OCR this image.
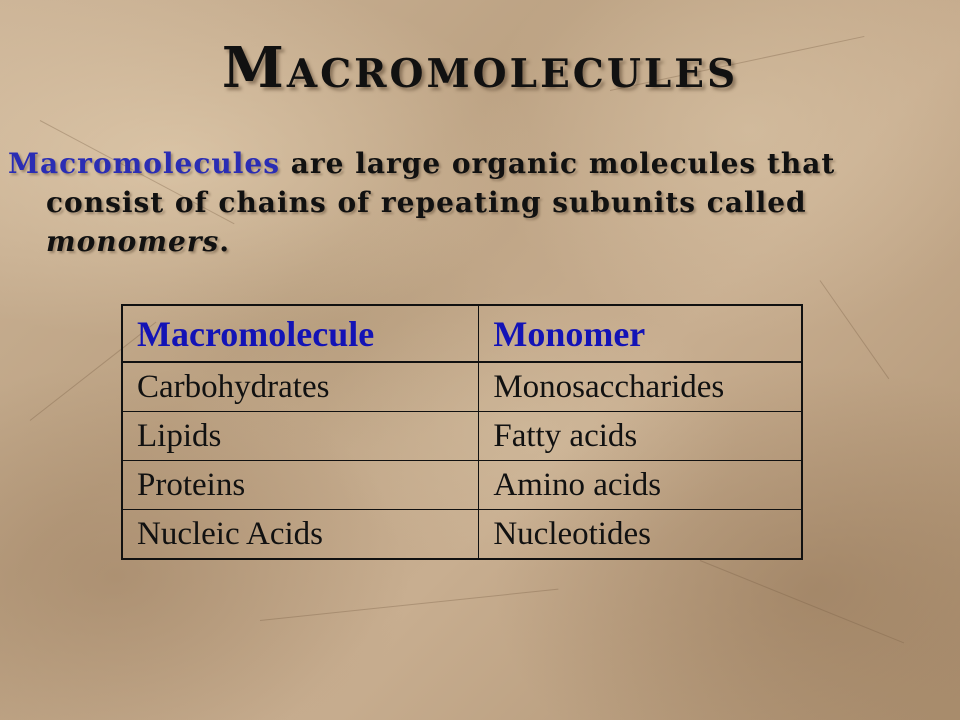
Macromolecules

Macromolecules are large organic molecules that consist of chains of repeating subunits called monomers.

Macromolecule	Monomer
Carbohydrates	Monosaccharides
Lipids	Fatty acids
Proteins	Amino acids
Nucleic Acids	Nucleotides
